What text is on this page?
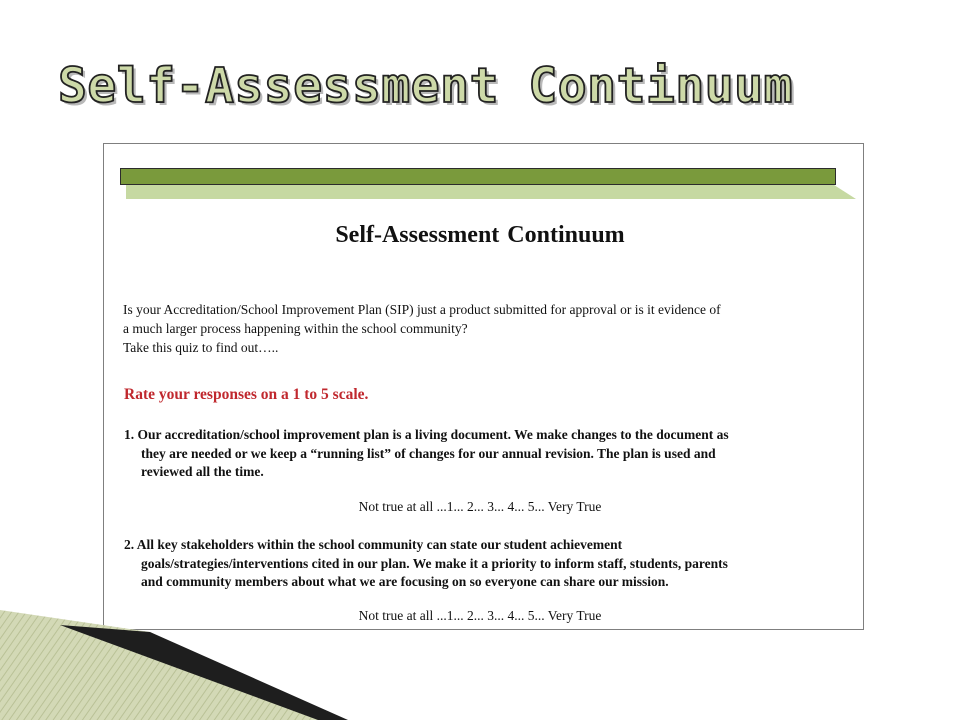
Self-Assessment Continuum
Self-Assessment Continuum
Is your Accreditation/School Improvement Plan (SIP) just a product submitted for approval or is it evidence of
a much larger process happening within the school community?
Take this quiz to find out…..
Rate your responses on a 1 to 5 scale.
1. Our accreditation/school improvement plan is a living document. We make changes to the document as
they are needed or we keep a “running list” of changes for our annual revision. The plan is used and
reviewed all the time.
Not true at all ...1... 2... 3... 4... 5... Very True
2. All key stakeholders within the school community can state our student achievement
goals/strategies/interventions cited in our plan. We make it a priority to inform staff, students, parents
and community members about what we are focusing on so everyone can share our mission.
Not true at all ...1... 2... 3... 4... 5... Very True
